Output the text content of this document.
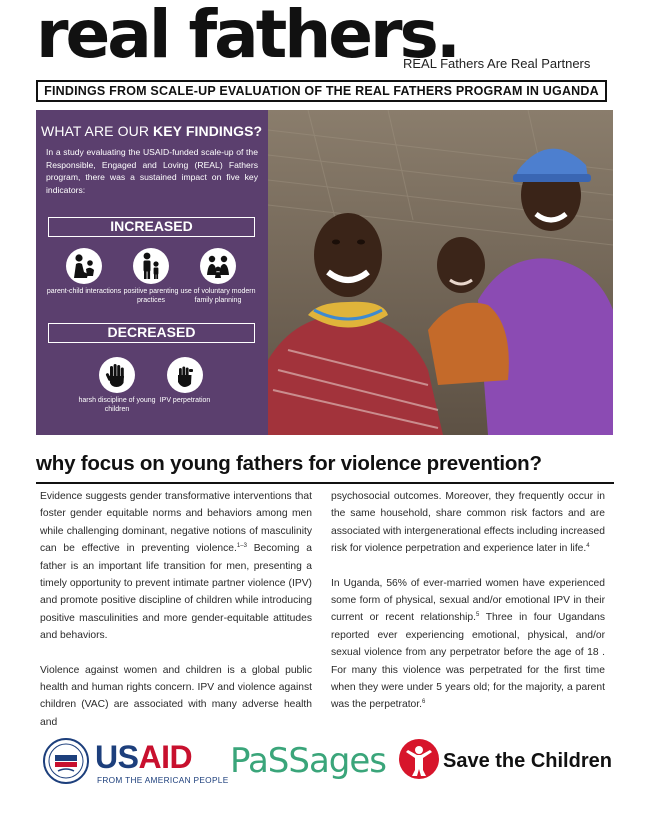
real fathers.
REAL Fathers Are Real Partners
FINDINGS FROM SCALE-UP EVALUATION OF THE REAL FATHERS PROGRAM IN UGANDA
WHAT ARE OUR KEY FINDINGS?
In a study evaluating the USAID-funded scale-up of the Responsible, Engaged and Loving (REAL) Fathers program, there was a sustained impact on five key indicators:
INCREASED
parent-child interactions positive parenting practices
use of voluntary modern family planning
DECREASED
harsh discipline of young children
IPV perpetration
why focus on young fathers for violence prevention?

Evidence suggests gender transformative interventions that foster gender equitable norms and behaviors among men while challenging dominant, negative notions of masculinity can be effective in preventing violence.$^{1-3}$ Becoming a father is an important life transition for men, presenting a timely opportunity to prevent intimate partner violence (IPV) and promote positive discipline of children while introducing positive masculinities and more gender-equitable attitudes and behaviors.

Violence against women and children is a global public health and human rights concern. IPV and violence against children (VAC) are associated with many adverse health and

psychosocial outcomes. Moreover, they frequently occur in the same household, share common risk factors and are associated with intergenerational effects including increased risk for violence perpetration and experience later in life.$^4$

In Uganda, 56% of ever-married women have experienced some form of physical, sexual and/or emotional IPV in their current or recent relationship.$^5$ Three in four Ugandans reported ever experiencing emotional, physical, and/or sexual violence from any perpetrator before the age of 18 . For many this violence was perpetrated for the first time when they were under 5 years old; for the majority, a parent was the perpetrator.$^6$

USAID
FROM THE AMERICAN PEOPLE PaSSages	Save the Children
